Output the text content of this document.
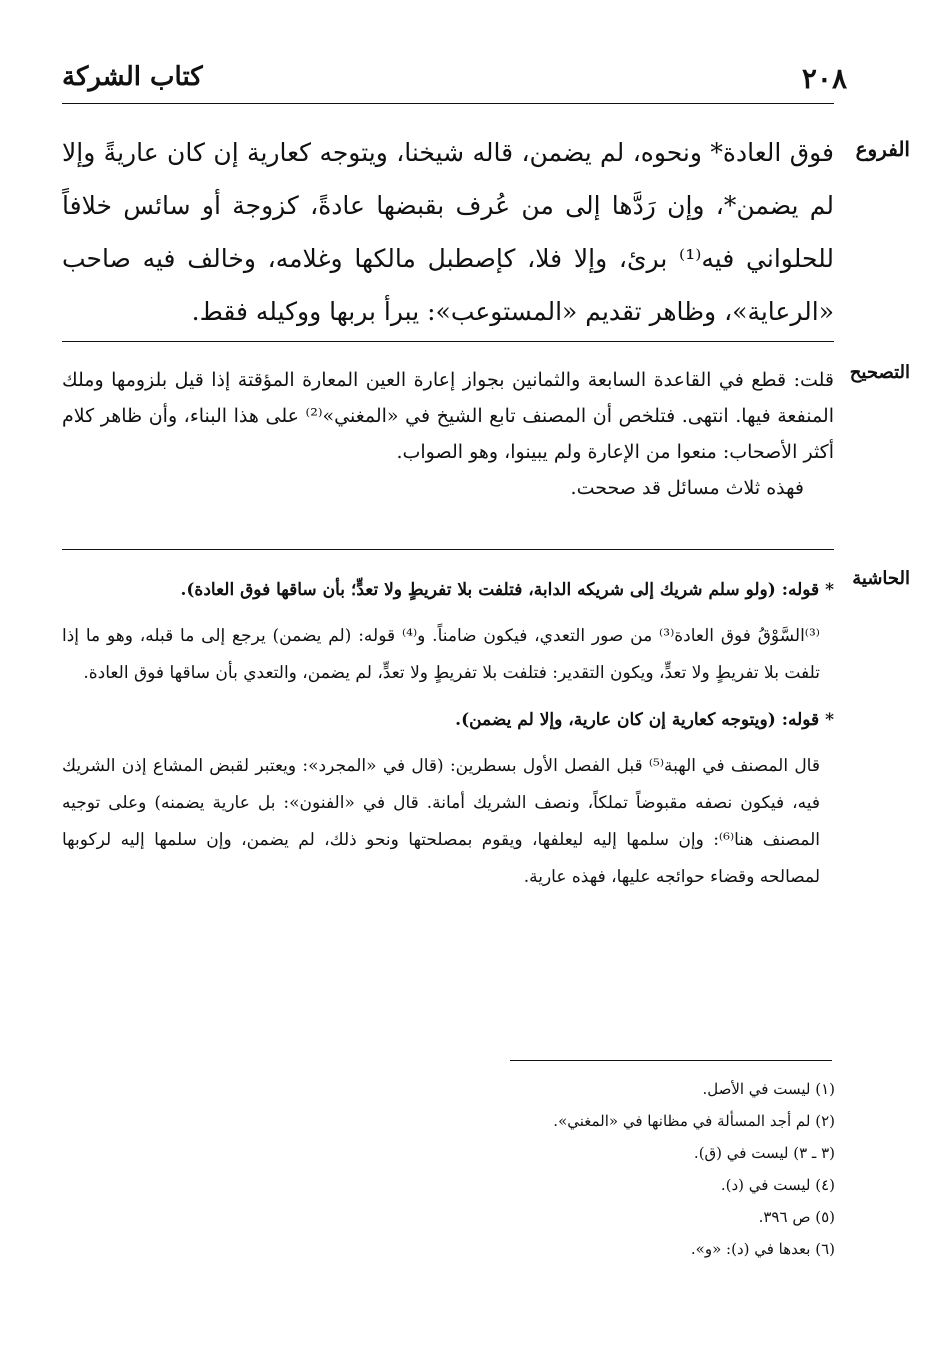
٢٠٨
كتاب الشركة
الفروع
فوق العادة* ونحوه، لم يضمن، قاله شيخنا، ويتوجه كعارية إن كان عاريةً وإلا لم يضمن*، وإن رَدَّها إلى من عُرف بقبضها عادةً، كزوجة أو سائس خلافاً للحلواني فيه⁽¹⁾ برئ، وإلا فلا، كإصطبل مالكها وغلامه، وخالف فيه صاحب «الرعاية»، وظاهر تقديم «المستوعب»: يبرأ بربها ووكيله فقط.
التصحيح

قلت: قطع في القاعدة السابعة والثمانين بجواز إعارة العين المعارة المؤقتة إذا قيل بلزومها وملك المنفعة فيها. انتهى. فتلخص أن المصنف تابع الشيخ في «المغني»⁽²⁾ على هذا البناء، وأن ظاهر كلام أكثر الأصحاب: منعوا من الإعارة ولم يبينوا، وهو الصواب.

فهذه ثلاث مسائل قد صححت.

الحاشية

* قوله: (ولو سلم شريك إلى شريكه الدابة، فتلفت بلا تفريطٍ ولا تعدٍّ؛ بأن ساقها فوق العادة).

⁽³⁾السَّوْقُ فوق العادة⁽³⁾ من صور التعدي، فيكون ضامناً. و⁽⁴⁾ قوله: (لم يضمن) يرجع إلى ما قبله، وهو ما إذا تلفت بلا تفريطٍ ولا تعدٍّ، ويكون التقدير: فتلفت بلا تفريطٍ ولا تعدٍّ، لم يضمن، والتعدي بأن ساقها فوق العادة.

* قوله: (ويتوجه كعارية إن كان عارية، وإلا لم يضمن).

قال المصنف في الهبة⁽⁵⁾ قبل الفصل الأول بسطرين: (قال في «المجرد»: ويعتبر لقبض المشاع إذن الشريك فيه، فيكون نصفه مقبوضاً تملكاً، ونصف الشريك أمانة. قال في «الفنون»: بل عارية يضمنه) وعلى توجيه المصنف هنا⁽⁶⁾: وإن سلمها إليه ليعلفها، ويقوم بمصلحتها ونحو ذلك، لم يضمن، وإن سلمها إليه لركوبها لمصالحه وقضاء حوائجه عليها، فهذه عارية.

(١) ليست في الأصل.
(٢) لم أجد المسألة في مظانها في «المغني».
(٣ ـ ٣) ليست في (ق).
(٤) ليست في (د).
(٥) ص ٣٩٦.
(٦) بعدها في (د): «و».
